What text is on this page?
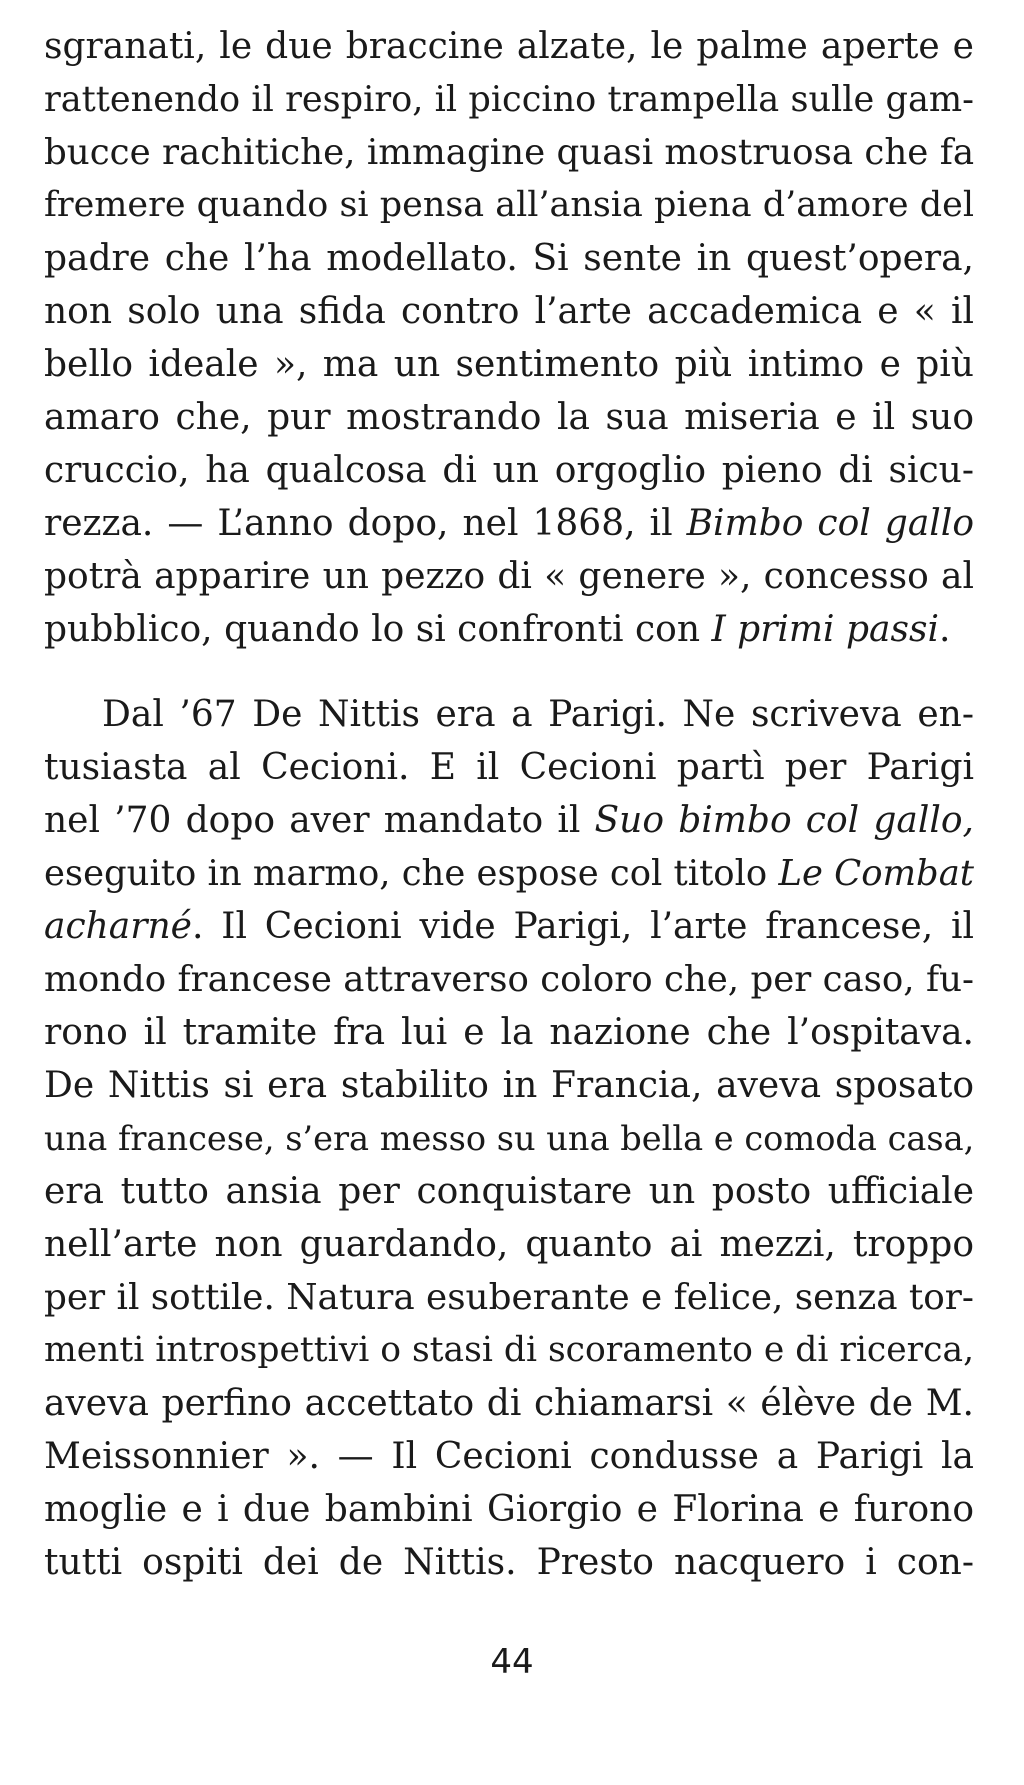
sgranati, le due braccine alzate, le palme aperte e
rattenendo il respiro, il piccino trampella sulle gam-
bucce rachitiche, immagine quasi mostruosa che fa
fremere quando si pensa all’ansia piena d’amore del
padre che l’ha modellato. Si sente in quest’opera,
non solo una sfida contro l’arte accademica e « il
bello ideale », ma un sentimento più intimo e più
amaro che, pur mostrando la sua miseria e il suo
cruccio, ha qualcosa di un orgoglio pieno di sicu-
rezza. — L’anno dopo, nel 1868, il Bimbo col gallo
potrà apparire un pezzo di « genere », concesso al
pubblico, quando lo si confronti con I primi passi.
Dal ’67 De Nittis era a Parigi. Ne scriveva en-
tusiasta al Cecioni. E il Cecioni partì per Parigi
nel ’70 dopo aver mandato il Suo bimbo col gallo,
eseguito in marmo, che espose col titolo Le Combat
acharné. Il Cecioni vide Parigi, l’arte francese, il
mondo francese attraverso coloro che, per caso, fu-
rono il tramite fra lui e la nazione che l’ospitava.
De Nittis si era stabilito in Francia, aveva sposato
una francese, s’era messo su una bella e comoda casa,
era tutto ansia per conquistare un posto ufficiale
nell’arte non guardando, quanto ai mezzi, troppo
per il sottile. Natura esuberante e felice, senza tor-
menti introspettivi o stasi di scoramento e di ricerca,
aveva perfino accettato di chiamarsi « élève de M.
Meissonnier ». — Il Cecioni condusse a Parigi la
moglie e i due bambini Giorgio e Florina e furono
tutti ospiti dei de Nittis. Presto nacquero i con-
44
